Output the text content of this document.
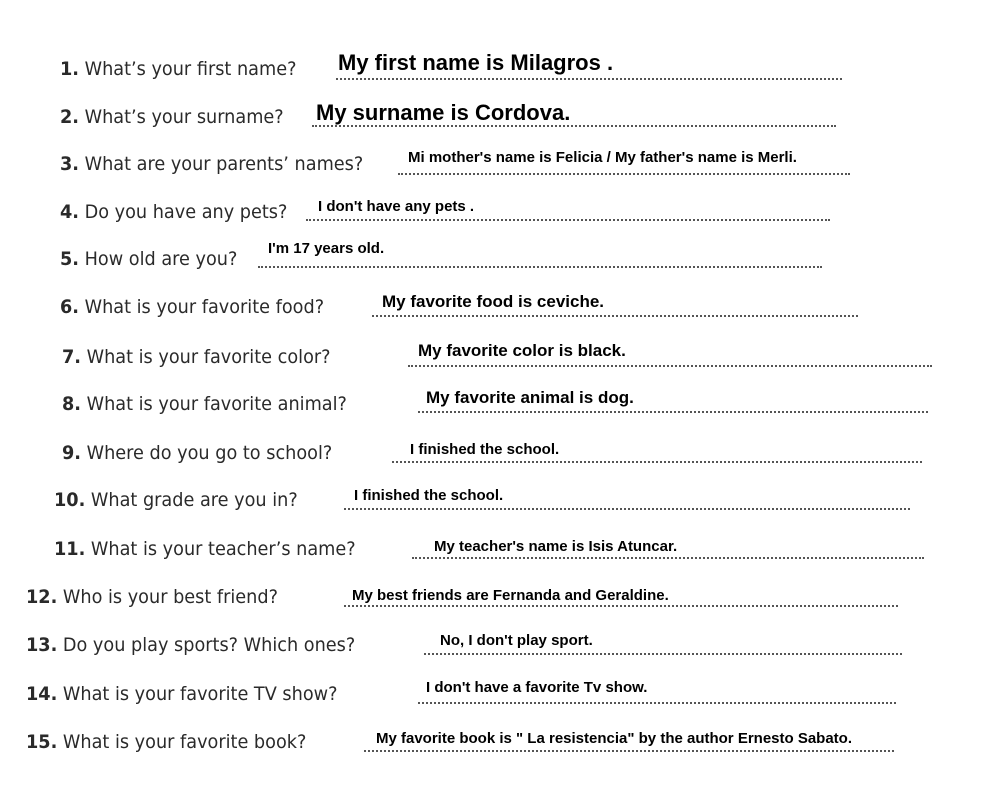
1. What’s your first name? My first name is Milagros .
2. What’s your surname? My surname is Cordova.
3. What are your parents’ names?	Mi mother's name is Felicia / My father's name is Merli.
4. Do you have any pets? I don't have any pets .
5. How old are you? I'm 17 years old.
6. What is your favorite food?	My favorite food is ceviche.
7. What is your favorite color?	My favorite color is black.
8. What is your favorite animal?	My favorite animal is dog.
9. Where do you go to school?	I finished the school.
10. What grade are you in?	I finished the school.
11. What is your teacher’s name?	My teacher's name is Isis Atuncar.
12. Who is your best friend?	My best friends are Fernanda and Geraldine.
13. Do you play sports? Which ones?	No, I don't play sport.
14. What is your favorite TV show?	I don't have a favorite Tv show.
15. What is your favorite book?	My favorite book is " La resistencia" by the author Ernesto Sabato.
